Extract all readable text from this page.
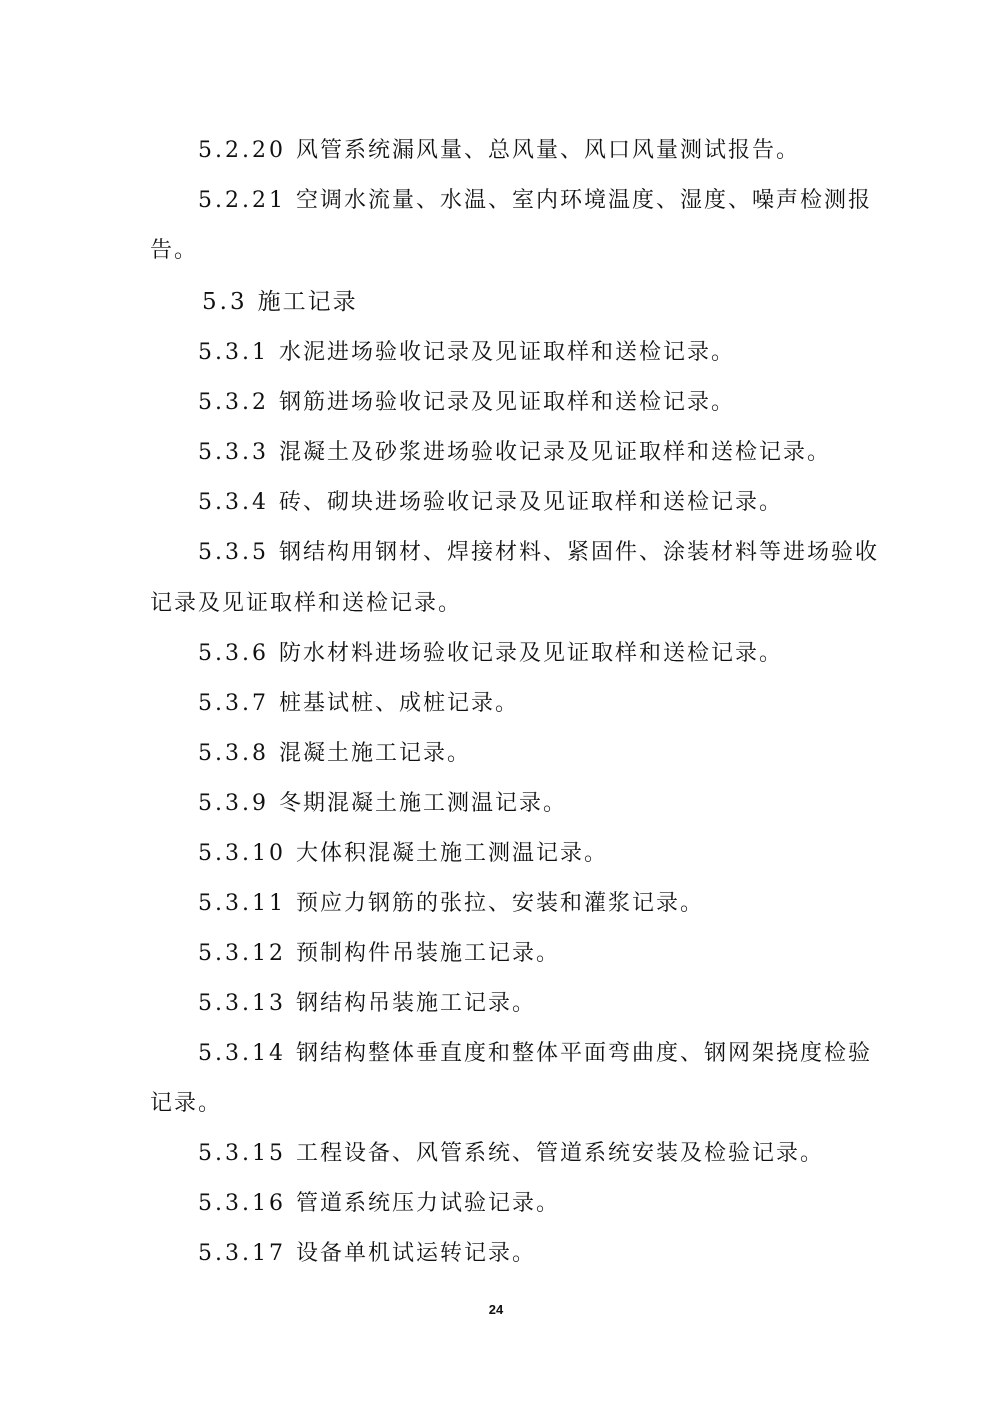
5.2.20 风管系统漏风量、总风量、风口风量测试报告。
5.2.21 空调水流量、水温、室内环境温度、湿度、噪声检测报
告。
5.3 施工记录
5.3.1 水泥进场验收记录及见证取样和送检记录。
5.3.2 钢筋进场验收记录及见证取样和送检记录。
5.3.3 混凝土及砂浆进场验收记录及见证取样和送检记录。
5.3.4 砖、砌块进场验收记录及见证取样和送检记录。
5.3.5 钢结构用钢材、焊接材料、紧固件、涂装材料等进场验收
记录及见证取样和送检记录。
5.3.6 防水材料进场验收记录及见证取样和送检记录。
5.3.7 桩基试桩、成桩记录。
5.3.8 混凝土施工记录。
5.3.9 冬期混凝土施工测温记录。
5.3.10 大体积混凝土施工测温记录。
5.3.11 预应力钢筋的张拉、安装和灌浆记录。
5.3.12 预制构件吊装施工记录。
5.3.13 钢结构吊装施工记录。
5.3.14 钢结构整体垂直度和整体平面弯曲度、钢网架挠度检验
记录。
5.3.15 工程设备、风管系统、管道系统安装及检验记录。
5.3.16 管道系统压力试验记录。
5.3.17 设备单机试运转记录。
24
